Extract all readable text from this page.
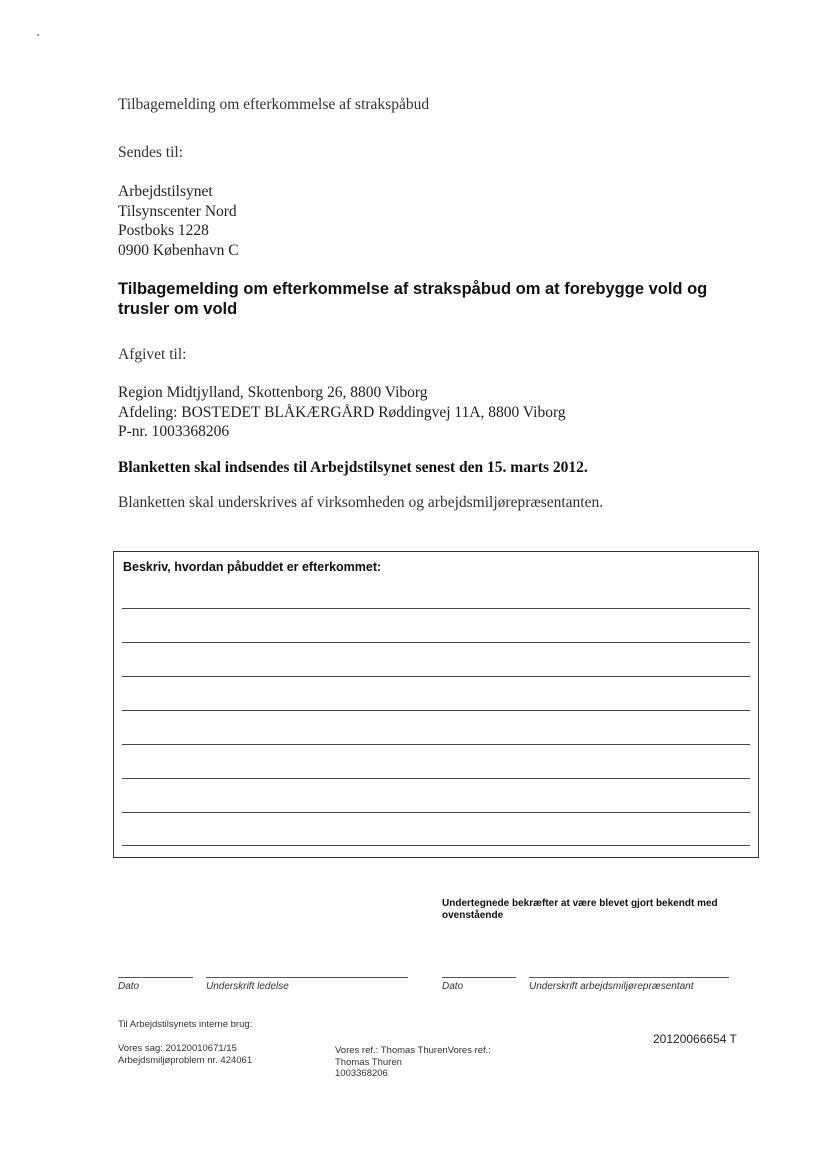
Tilbagemelding om efterkommelse af strakspåbud
Sendes til:
Arbejdstilsynet
Tilsynscenter Nord
Postboks 1228
0900 København C
Tilbagemelding om efterkommelse af strakspåbud om at forebygge vold og trusler om vold
Afgivet til:
Region Midtjylland, Skottenborg 26, 8800 Viborg
Afdeling: BOSTEDET BLÅKÆRGÅRD Røddingvej 11A, 8800 Viborg
P-nr. 1003368206
Blanketten skal indsendes til Arbejdstilsynet senest den 15. marts 2012.
Blanketten skal underskrives af virksomheden og arbejdsmiljørepræsentanten.
Beskriv, hvordan påbuddet er efterkommet:
Undertegnede bekræfter at være blevet gjort bekendt med ovenstående
Dato	Underskrift ledelse	Dato	Underskrift arbejdsmiljørepræsentant
Til Arbejdstilsynets interne brug:
Vores sag: 20120010671/15
Arbejdsmiljøproblem nr. 424061
Vores ref.: Thomas ThurenVores ref.:
Thomas Thuren
1003368206
20120066654 T
